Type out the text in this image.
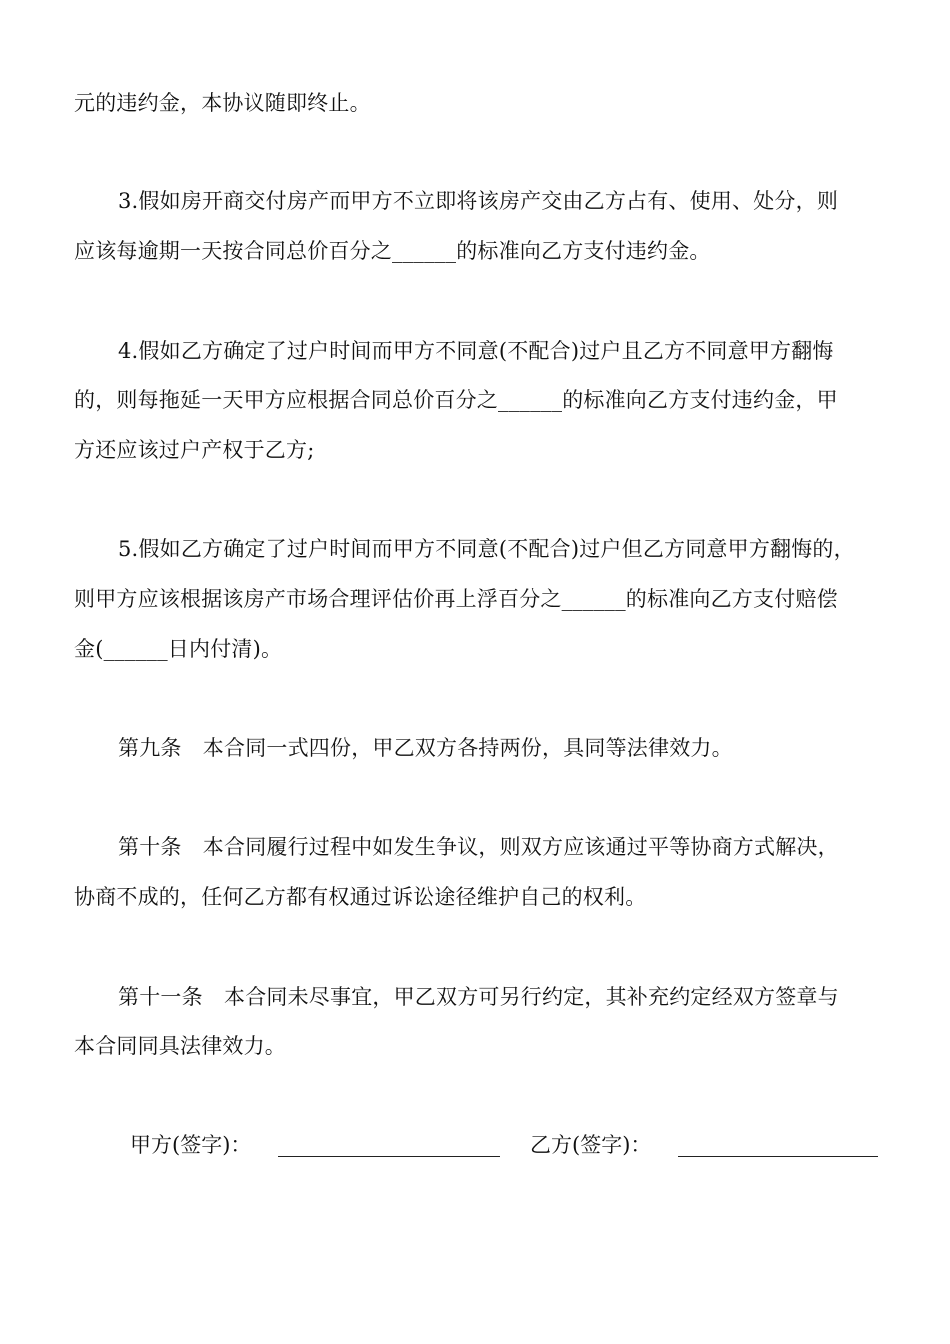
元的违约金，本协议随即终止。
3.假如房开商交付房产而甲方不立即将该房产交由乙方占有、使用、处分，则
应该每逾期一天按合同总价百分之______的标准向乙方支付违约金。
4.假如乙方确定了过户时间而甲方不同意(不配合)过户且乙方不同意甲方翻悔
的，则每拖延一天甲方应根据合同总价百分之______的标准向乙方支付违约金，甲
方还应该过户产权于乙方;
5.假如乙方确定了过户时间而甲方不同意(不配合)过户但乙方同意甲方翻悔的，
则甲方应该根据该房产市场合理评估价再上浮百分之______的标准向乙方支付赔偿
金(______日内付清)。
第九条　本合同一式四份，甲乙双方各持两份，具同等法律效力。
第十条　本合同履行过程中如发生争议，则双方应该通过平等协商方式解决，
协商不成的，任何乙方都有权通过诉讼途径维护自己的权利。
第十一条　本合同未尽事宜，甲乙双方可另行约定，其补充约定经双方签章与
本合同同具法律效力。
甲方(签字)：	乙方(签字)：
